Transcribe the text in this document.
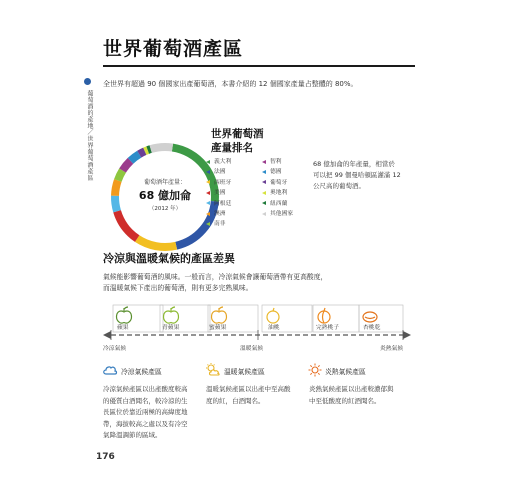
世界葡萄酒產區
葡萄酒的產地／世界葡萄酒產區
全世界有超過 90 個國家出產葡萄酒，本書介紹的 12 個國家產量占整體的 80%。
世界葡萄酒
產量排名
葡萄酒年產量：
68 億加侖
（2012 年）
義大利
法國
西班牙
美國
阿根廷
澳洲
南非
智利
德國
葡萄牙
奧地利
紐西蘭
其他國家
68 億加侖的年產量，相當於
可以把 99 個曼哈頓區灌滿 12
公尺高的葡萄酒。
冷涼與溫暖氣候的產區差異
氣候能影響葡萄酒的風味。一般而言，冷涼氣候會讓葡萄酒帶有更高酸度，
而溫暖氣候下產出的葡萄酒，則有更多完熟風味。
蘋果	青蘋果	蜜蘋果	油桃	完熟桃子	杏桃乾
冷涼氣候	溫暖氣候	炎熱氣候
冷涼氣候產區	溫暖氣候產區	炎熱氣候產區
冷涼氣候產區以出產酸度較高
的優質白酒聞名，較冷涼的生
長區位於靠近兩極的高緯度地
帶，海拔較高之處以及有冷空
氣降溫調節的區域。
溫暖氣候產區以出產中至高酸
度的紅，白酒聞名。
炎熱氣候產區以出產較濃郁與
中至低酸度的紅酒聞名。
176
